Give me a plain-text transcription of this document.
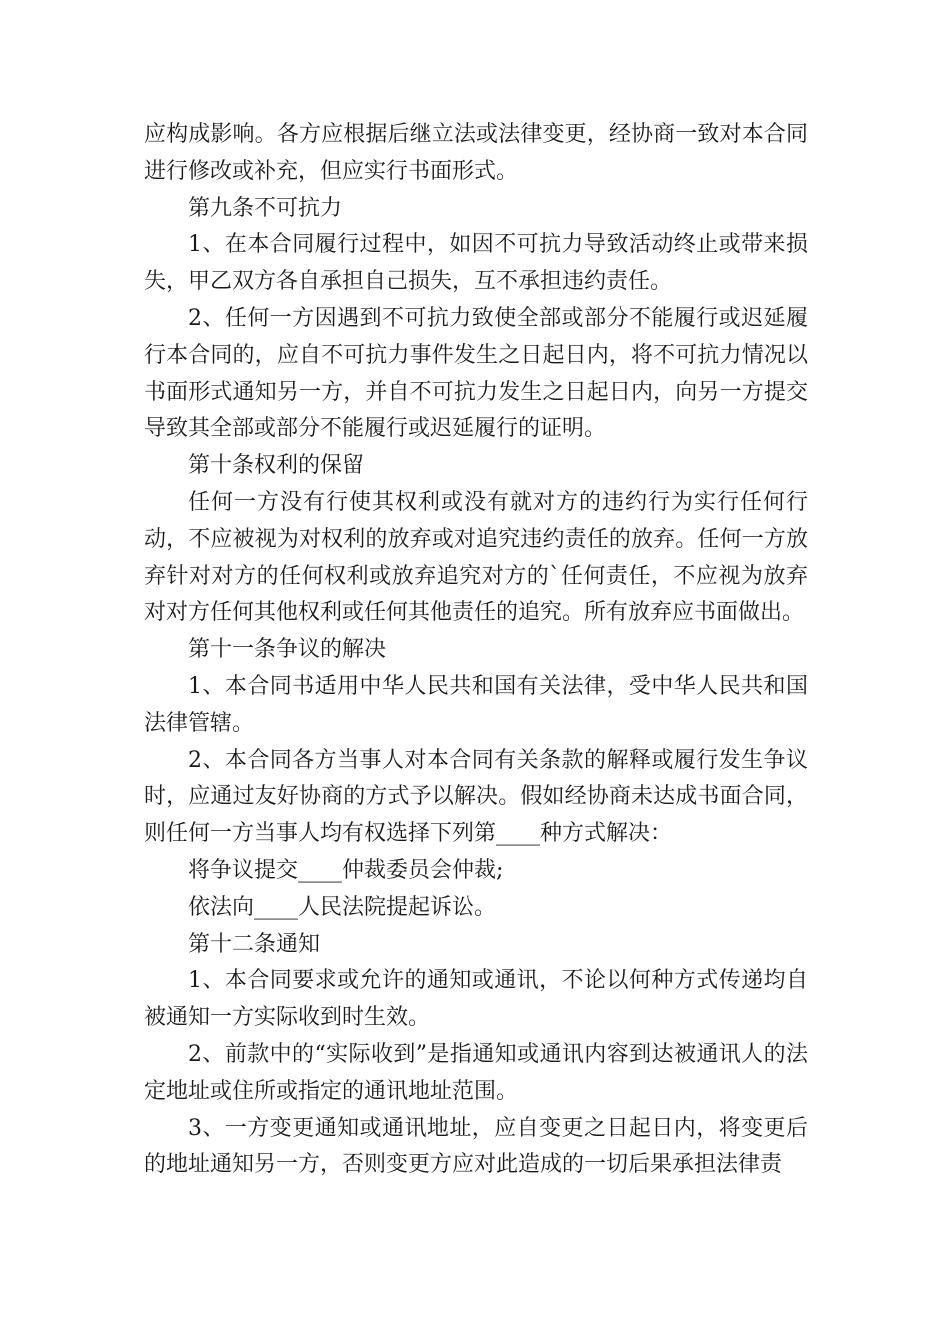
应构成影响。各方应根据后继立法或法律变更，经协商一致对本合同进行修改或补充，但应实行书面形式。

第九条不可抗力

1、在本合同履行过程中，如因不可抗力导致活动终止或带来损失，甲乙双方各自承担自己损失，互不承担违约责任。

2、任何一方因遇到不可抗力致使全部或部分不能履行或迟延履行本合同的，应自不可抗力事件发生之日起日内，将不可抗力情况以书面形式通知另一方，并自不可抗力发生之日起日内，向另一方提交导致其全部或部分不能履行或迟延履行的证明。

第十条权利的保留

任何一方没有行使其权利或没有就对方的违约行为实行任何行动，不应被视为对权利的放弃或对追究违约责任的放弃。任何一方放弃针对对方的任何权利或放弃追究对方的`任何责任，不应视为放弃对对方任何其他权利或任何其他责任的追究。所有放弃应书面做出。

第十一条争议的解决

1、本合同书适用中华人民共和国有关法律，受中华人民共和国法律管辖。

2、本合同各方当事人对本合同有关条款的解释或履行发生争议时，应通过友好协商的方式予以解决。假如经协商未达成书面合同，则任何一方当事人均有权选择下列第____种方式解决：

将争议提交____仲裁委员会仲裁;

依法向____人民法院提起诉讼。

第十二条通知

1、本合同要求或允许的通知或通讯，不论以何种方式传递均自被通知一方实际收到时生效。

2、前款中的“实际收到”是指通知或通讯内容到达被通讯人的法定地址或住所或指定的通讯地址范围。

3、一方变更通知或通讯地址，应自变更之日起日内，将变更后的地址通知另一方，否则变更方应对此造成的一切后果承担法律责
